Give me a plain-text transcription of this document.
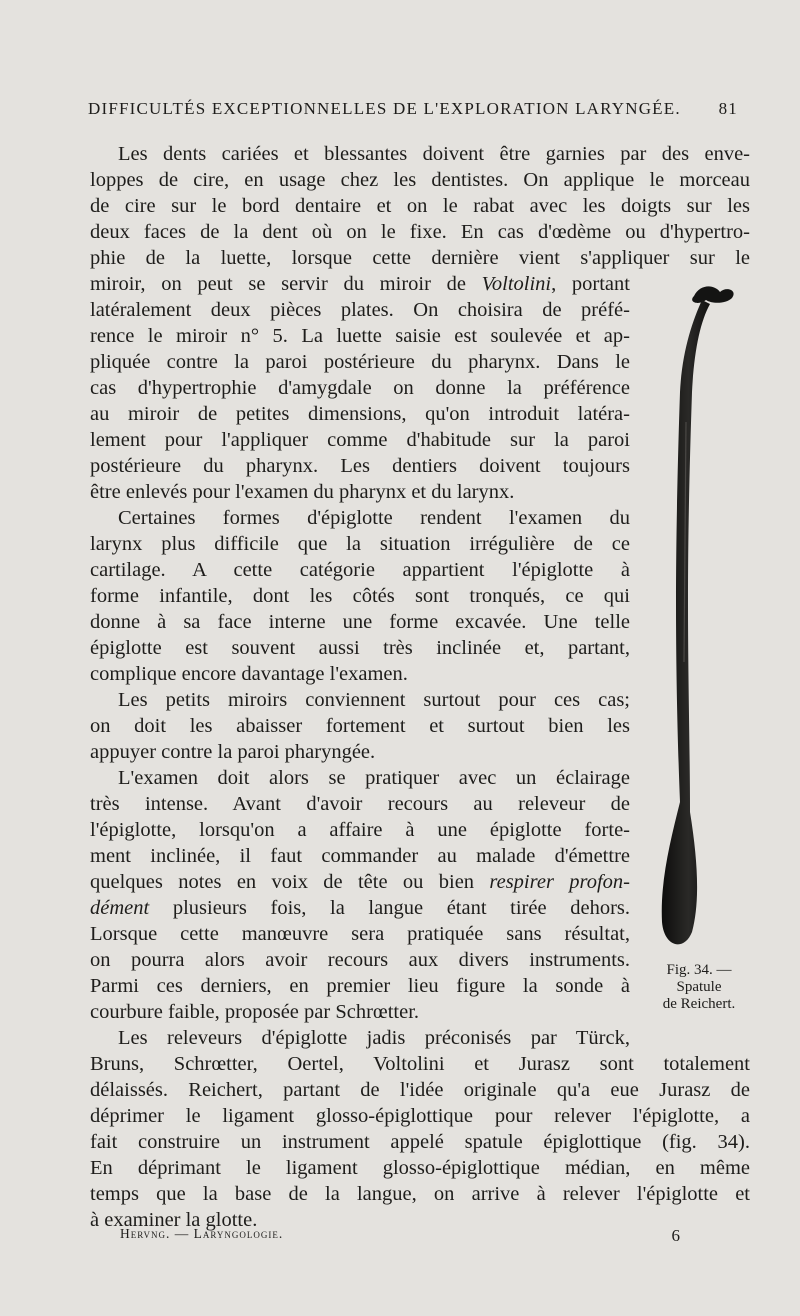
DIFFICULTÉS EXCEPTIONNELLES DE L'EXPLORATION LARYNGÉE. 81
Les dents cariées et blessantes doivent être garnies par des enve-
loppes de cire, en usage chez les dentistes. On applique le morceau
de cire sur le bord dentaire et on le rabat avec les doigts sur les
deux faces de la dent où on le fixe. En cas d'œdème ou d'hypertro-
phie de la luette, lorsque cette dernière vient s'appliquer sur le
miroir, on peut se servir du miroir de Voltolini, portant
latéralement deux pièces plates. On choisira de préfé-
rence le miroir n° 5. La luette saisie est soulevée et ap-
pliquée contre la paroi postérieure du pharynx. Dans le
cas d'hypertrophie d'amygdale on donne la préférence
au miroir de petites dimensions, qu'on introduit latéra-
lement pour l'appliquer comme d'habitude sur la paroi
postérieure du pharynx. Les dentiers doivent toujours
être enlevés pour l'examen du pharynx et du larynx.
Certaines formes d'épiglotte rendent l'examen du
larynx plus difficile que la situation irrégulière de ce
cartilage. A cette catégorie appartient l'épiglotte à
forme infantile, dont les côtés sont tronqués, ce qui
donne à sa face interne une forme excavée. Une telle
épiglotte est souvent aussi très inclinée et, partant,
complique encore davantage l'examen.
Les petits miroirs conviennent surtout pour ces cas;
on doit les abaisser fortement et surtout bien les
appuyer contre la paroi pharyngée.
L'examen doit alors se pratiquer avec un éclairage
très intense. Avant d'avoir recours au releveur de
l'épiglotte, lorsqu'on a affaire à une épiglotte forte-
ment inclinée, il faut commander au malade d'émettre
quelques notes en voix de tête ou bien respirer profon-
dément plusieurs fois, la langue étant tirée dehors.
Lorsque cette manœuvre sera pratiquée sans résultat,
on pourra alors avoir recours aux divers instruments.
Parmi ces derniers, en premier lieu figure la sonde à
courbure faible, proposée par Schrœtter.
Les releveurs d'épiglotte jadis préconisés par Türck,
Bruns, Schrœtter, Oertel, Voltolini et Jurasz sont totalement
délaissés. Reichert, partant de l'idée originale qu'a eue Jurasz de
déprimer le ligament glosso-épiglottique pour relever l'épiglotte, a
fait construire un instrument appelé spatule épiglottique (fig. 34).
En déprimant le ligament glosso-épiglottique médian, en même
temps que la base de la langue, on arrive à relever l'épiglotte et
à examiner la glotte.
Fig. 34. —
Spatule
de Reichert.
Hervng. — Laryngologie.	6
